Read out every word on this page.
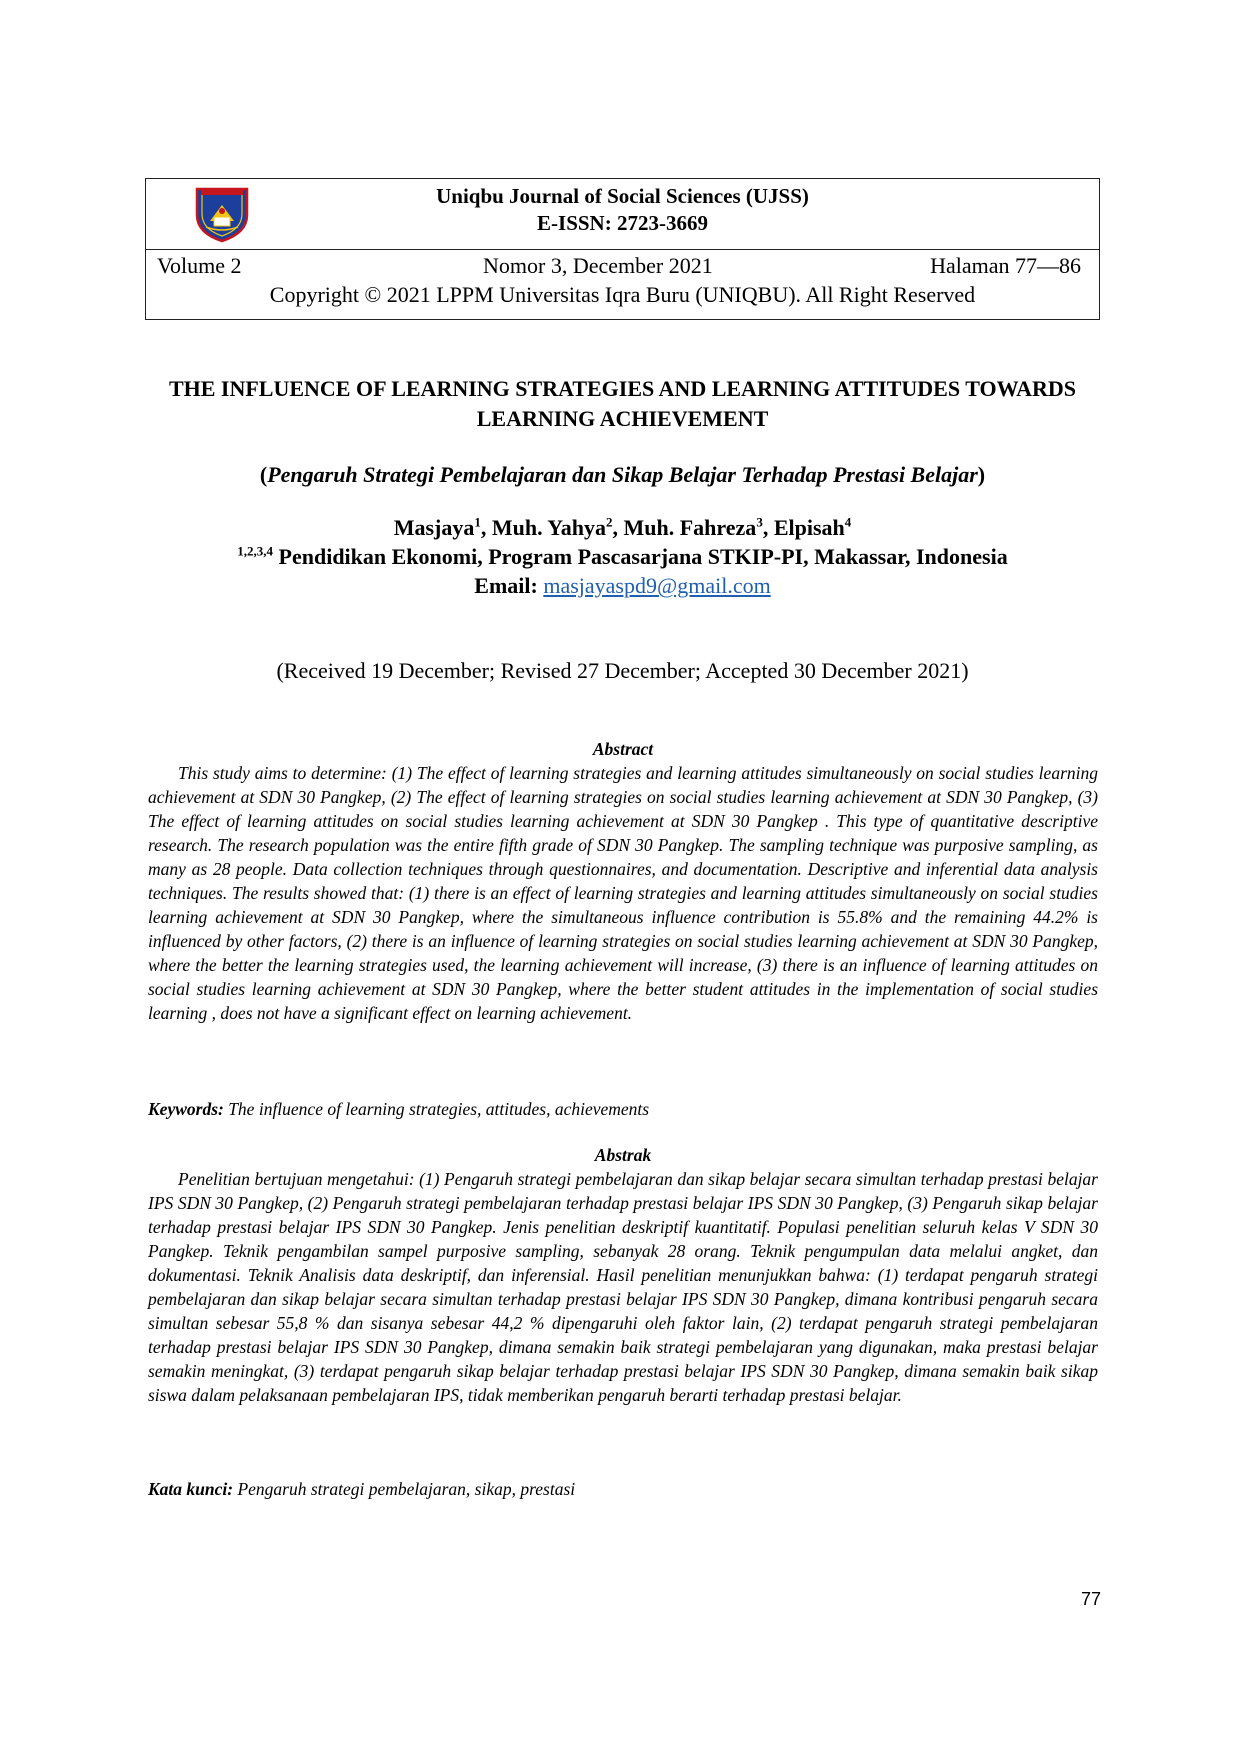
Uniqbu Journal of Social Sciences (UJSS)
E-ISSN: 2723-3669
Volume 2	Nomor 3, December 2021	Halaman 77—86
Copyright © 2021 LPPM Universitas Iqra Buru (UNIQBU). All Right Reserved
THE INFLUENCE OF LEARNING STRATEGIES AND LEARNING ATTITUDES TOWARDS LEARNING ACHIEVEMENT
(Pengaruh Strategi Pembelajaran dan Sikap Belajar Terhadap Prestasi Belajar)
Masjaya$^1$, Muh. Yahya$^2$, Muh. Fahreza$^3$, Elpisah$^4$
$^{1,2,3,4}$ Pendidikan Ekonomi, Program Pascasarjana STKIP-PI, Makassar, Indonesia
Email: masjayaspd9@gmail.com
(Received 19 December; Revised 27 December; Accepted 30 December 2021)
Abstract
This study aims to determine: (1) The effect of learning strategies and learning attitudes simultaneously on social studies learning achievement at SDN 30 Pangkep, (2) The effect of learning strategies on social studies learning achievement at SDN 30 Pangkep, (3) The effect of learning attitudes on social studies learning achievement at SDN 30 Pangkep . This type of quantitative descriptive research. The research population was the entire fifth grade of SDN 30 Pangkep. The sampling technique was purposive sampling, as many as 28 people. Data collection techniques through questionnaires, and documentation. Descriptive and inferential data analysis techniques. The results showed that: (1) there is an effect of learning strategies and learning attitudes simultaneously on social studies learning achievement at SDN 30 Pangkep, where the simultaneous influence contribution is 55.8% and the remaining 44.2% is influenced by other factors, (2) there is an influence of learning strategies on social studies learning achievement at SDN 30 Pangkep, where the better the learning strategies used, the learning achievement will increase, (3) there is an influence of learning attitudes on social studies learning achievement at SDN 30 Pangkep, where the better student attitudes in the implementation of social studies learning , does not have a significant effect on learning achievement.
Keywords: The influence of learning strategies, attitudes, achievements
Abstrak
Penelitian bertujuan mengetahui: (1) Pengaruh strategi pembelajaran dan sikap belajar secara simultan terhadap prestasi belajar IPS SDN 30 Pangkep, (2) Pengaruh strategi pembelajaran terhadap prestasi belajar IPS SDN 30 Pangkep, (3) Pengaruh sikap belajar terhadap prestasi belajar IPS SDN 30 Pangkep. Jenis penelitian deskriptif kuantitatif. Populasi penelitian seluruh kelas V SDN 30 Pangkep. Teknik pengambilan sampel purposive sampling, sebanyak 28 orang. Teknik pengumpulan data melalui angket, dan dokumentasi. Teknik Analisis data deskriptif, dan inferensial. Hasil penelitian menunjukkan bahwa: (1) terdapat pengaruh strategi pembelajaran dan sikap belajar secara simultan terhadap prestasi belajar IPS SDN 30 Pangkep, dimana kontribusi pengaruh secara simultan sebesar 55,8 % dan sisanya sebesar 44,2 % dipengaruhi oleh faktor lain, (2) terdapat pengaruh strategi pembelajaran terhadap prestasi belajar IPS SDN 30 Pangkep, dimana semakin baik strategi pembelajaran yang digunakan, maka prestasi belajar semakin meningkat, (3) terdapat pengaruh sikap belajar terhadap prestasi belajar IPS SDN 30 Pangkep, dimana semakin baik sikap siswa dalam pelaksanaan pembelajaran IPS, tidak memberikan pengaruh berarti terhadap prestasi belajar.
Kata kunci: Pengaruh strategi pembelajaran, sikap, prestasi
77
